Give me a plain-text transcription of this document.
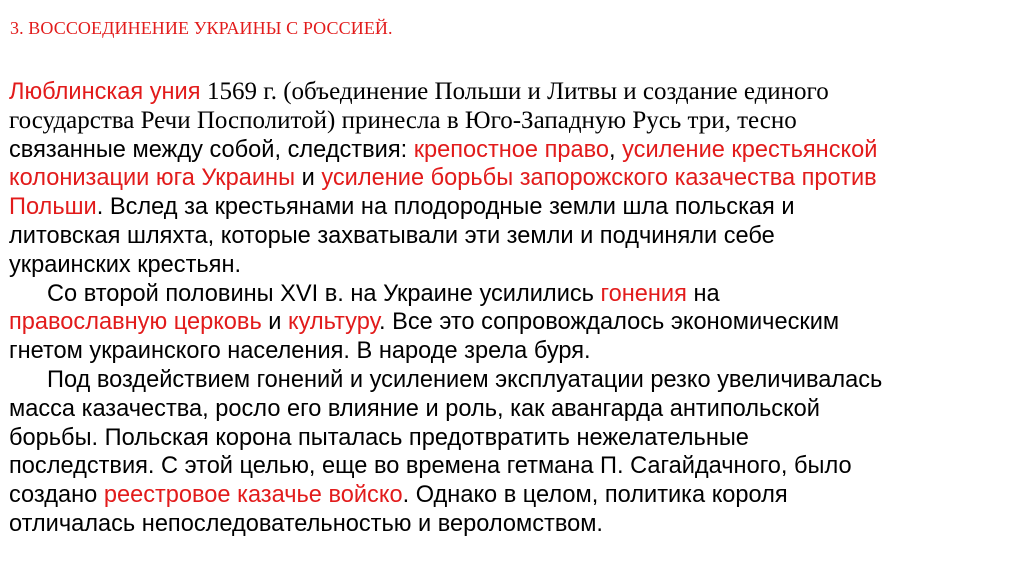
3. ВОССОЕДИНЕНИЕ УКРАИНЫ С РОССИЕЙ.
Люблинская уния 1569 г. (объединение Польши и Литвы и создание единого
государства Речи Посполитой) принесла в Юго-Западную Русь три, тесно
связанные между собой, следствия: крепостное право, усиление крестьянской
колонизации юга Украины и усиление борьбы запорожского казачества против
Польши. Вслед за крестьянами на плодородные земли шла польская и
литовская шляхта, которые захватывали эти земли и подчиняли себе
украинских крестьян.
Со второй половины XVI в. на Украине усилились гонения на
православную церковь и культуру. Все это сопровождалось экономическим
гнетом украинского населения. В народе зрела буря.
Под воздействием гонений и усилением эксплуатации резко увеличивалась
масса казачества, росло его влияние и роль, как авангарда антипольской
борьбы. Польская корона пыталась предотвратить нежелательные
последствия. С этой целью, еще во времена гетмана П. Сагайдачного, было
создано реестровое казачье войско. Однако в целом, политика короля
отличалась непоследовательностью и вероломством.
